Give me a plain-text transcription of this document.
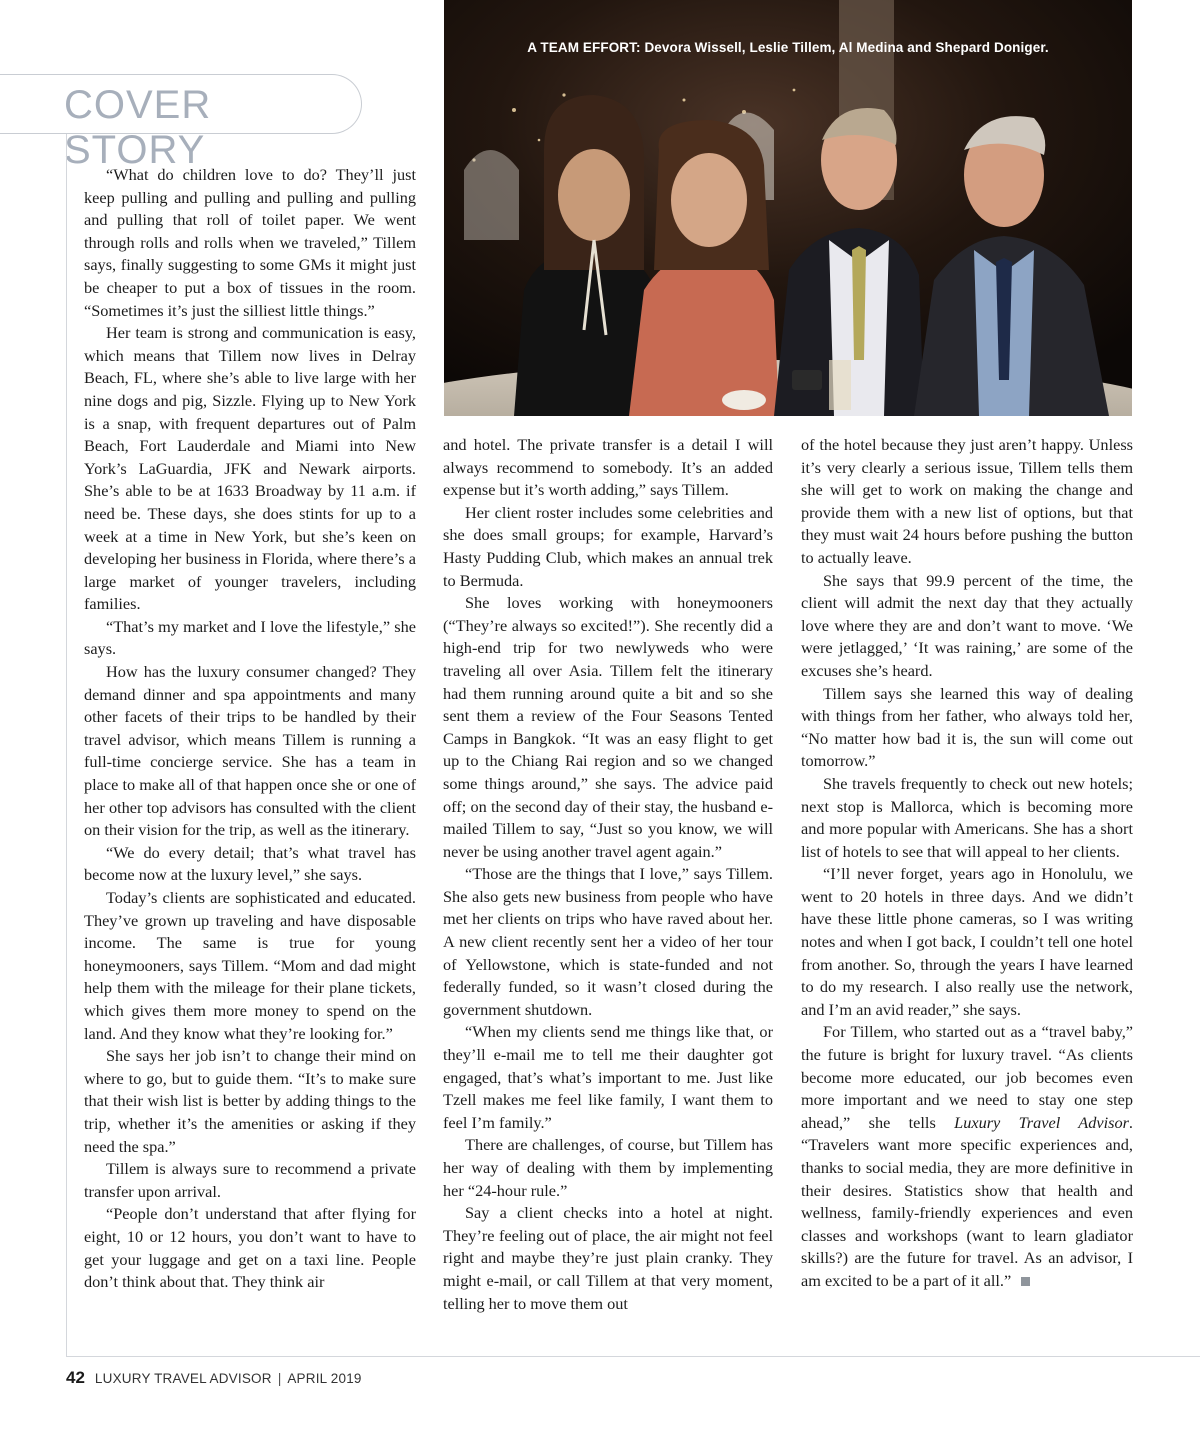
COVER STORY
A TEAM EFFORT: Devora Wissell, Leslie Tillem, Al Medina and Shepard Doniger.

“What do children love to do? They’ll just keep pulling and pulling and pulling and pulling and pulling that roll of toilet paper. We went through rolls and rolls when we traveled,” Tillem says, finally suggesting to some GMs it might just be cheaper to put a box of tissues in the room. “Sometimes it’s just the silliest little things.”

Her team is strong and communication is easy, which means that Tillem now lives in Delray Beach, FL, where she’s able to live large with her nine dogs and pig, Sizzle. Flying up to New York is a snap, with frequent departures out of Palm Beach, Fort Lauderdale and Miami into New York’s LaGuardia, JFK and Newark airports. She’s able to be at 1633 Broadway by 11 a.m. if need be. These days, she does stints for up to a week at a time in New York, but she’s keen on developing her business in Florida, where there’s a large market of younger travelers, including families.

“That’s my market and I love the lifestyle,” she says.

How has the luxury consumer changed? They demand dinner and spa appointments and many other facets of their trips to be handled by their travel advisor, which means Tillem is running a full-time concierge service. She has a team in place to make all of that happen once she or one of her other top advisors has consulted with the client on their vision for the trip, as well as the itinerary.

“We do every detail; that’s what travel has become now at the luxury level,” she says.

Today’s clients are sophisticated and educated. They’ve grown up traveling and have disposable income. The same is true for young honeymooners, says Tillem. “Mom and dad might help them with the mileage for their plane tickets, which gives them more money to spend on the land. And they know what they’re looking for.”

She says her job isn’t to change their mind on where to go, but to guide them. “It’s to make sure that their wish list is better by adding things to the trip, whether it’s the amenities or asking if they need the spa.”

Tillem is always sure to recommend a private transfer upon arrival.

“People don’t understand that after flying for eight, 10 or 12 hours, you don’t want to have to get your luggage and get on a taxi line. People don’t think about that. They think air

and hotel. The private transfer is a detail I will always recommend to somebody. It’s an added expense but it’s worth adding,” says Tillem.

Her client roster includes some celebrities and she does small groups; for example, Harvard’s Hasty Pudding Club, which makes an annual trek to Bermuda.

She loves working with honeymooners (“They’re always so excited!”). She recently did a high-end trip for two newlyweds who were traveling all over Asia. Tillem felt the itinerary had them running around quite a bit and so she sent them a review of the Four Seasons Tented Camps in Bangkok. “It was an easy flight to get up to the Chiang Rai region and so we changed some things around,” she says. The advice paid off; on the second day of their stay, the husband e-mailed Tillem to say, “Just so you know, we will never be using another travel agent again.”

“Those are the things that I love,” says Tillem. She also gets new business from people who have met her clients on trips who have raved about her. A new client recently sent her a video of her tour of Yellowstone, which is state-funded and not federally funded, so it wasn’t closed during the government shutdown.

“When my clients send me things like that, or they’ll e-mail me to tell me their daughter got engaged, that’s what’s important to me. Just like Tzell makes me feel like family, I want them to feel I’m family.”

There are challenges, of course, but Tillem has her way of dealing with them by implementing her “24-hour rule.”

Say a client checks into a hotel at night. They’re feeling out of place, the air might not feel right and maybe they’re just plain cranky. They might e-mail, or call Tillem at that very moment, telling her to move them out

of the hotel because they just aren’t happy. Unless it’s very clearly a serious issue, Tillem tells them she will get to work on making the change and provide them with a new list of options, but that they must wait 24 hours before pushing the button to actually leave.

She says that 99.9 percent of the time, the client will admit the next day that they actually love where they are and don’t want to move. ‘We were jetlagged,’ ‘It was raining,’ are some of the excuses she’s heard.

Tillem says she learned this way of dealing with things from her father, who always told her, “No matter how bad it is, the sun will come out tomorrow.”

She travels frequently to check out new hotels; next stop is Mallorca, which is becoming more and more popular with Americans. She has a short list of hotels to see that will appeal to her clients.

“I’ll never forget, years ago in Honolulu, we went to 20 hotels in three days. And we didn’t have these little phone cameras, so I was writing notes and when I got back, I couldn’t tell one hotel from another. So, through the years I have learned to do my research. I also really use the network, and I’m an avid reader,” she says.

For Tillem, who started out as a “travel baby,” the future is bright for luxury travel. “As clients become more educated, our job becomes even more important and we need to stay one step ahead,” she tells Luxury Travel Advisor. “Travelers want more specific experiences and, thanks to social media, they are more definitive in their desires. Statistics show that health and wellness, family-friendly experiences and even classes and workshops (want to learn gladiator skills?) are the future for travel. As an advisor, I am excited to be a part of it all.”

42 LUXURY TRAVEL ADVISOR | APRIL 2019
